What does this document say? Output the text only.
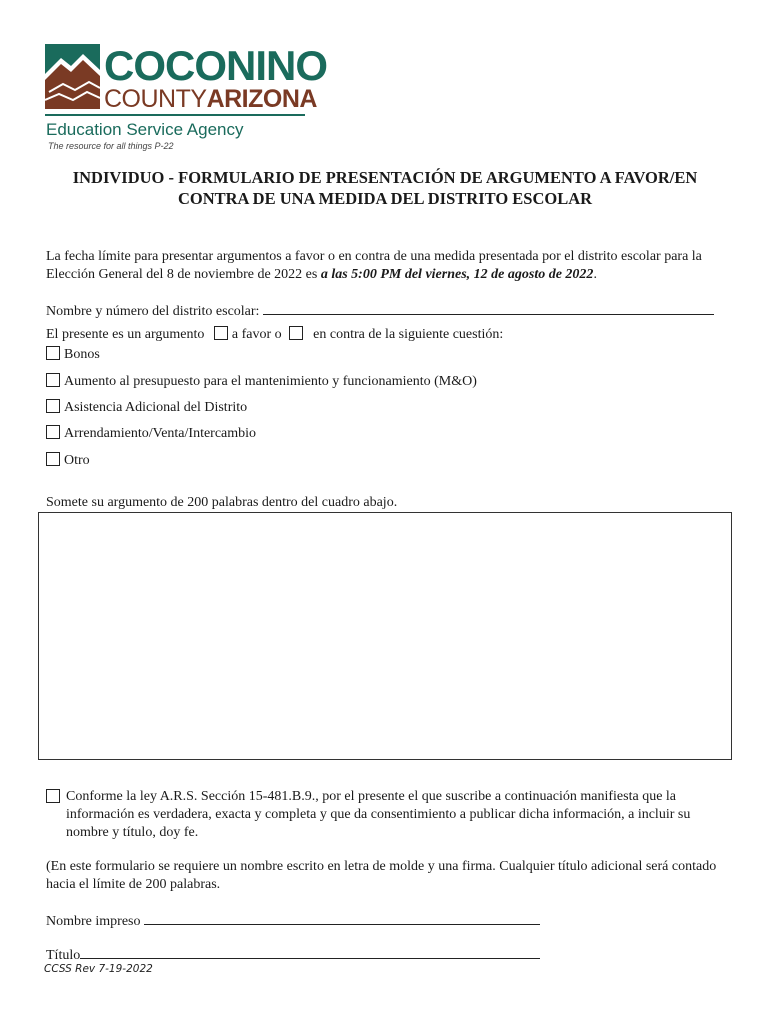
COCONINO
COUNTYARIZONA
Education Service Agency
The resource for all things P-22
INDIVIDUO - FORMULARIO DE PRESENTACIÓN DE ARGUMENTO A FAVOR/EN CONTRA DE UNA MEDIDA DEL DISTRITO ESCOLAR
La fecha límite para presentar argumentos a favor o en contra de una medida presentada por el distrito escolar para la Elección General del 8 de noviembre de 2022 es a las 5:00 PM del viernes, 12 de agosto de 2022.
Nombre y número del distrito escolar:
El presente es un argumento a favor o en contra de la siguiente cuestión:
Bonos
Aumento al presupuesto para el mantenimiento y funcionamiento (M&O)
Asistencia Adicional del Distrito
Arrendamiento/Venta/Intercambio
Otro
Somete su argumento de 200 palabras dentro del cuadro abajo.

Conforme la ley A.R.S. Sección 15-481.B.9., por el presente el que suscribe a continuación manifiesta que la información es verdadera, exacta y completa y que da consentimiento a publicar dicha información, a incluir su nombre y título, doy fe.

(En este formulario se requiere un nombre escrito en letra de molde y una firma. Cualquier título adicional será contado hacia el límite de 200 palabras.
Nombre impreso
Título
CCSS Rev 7-19-2022
